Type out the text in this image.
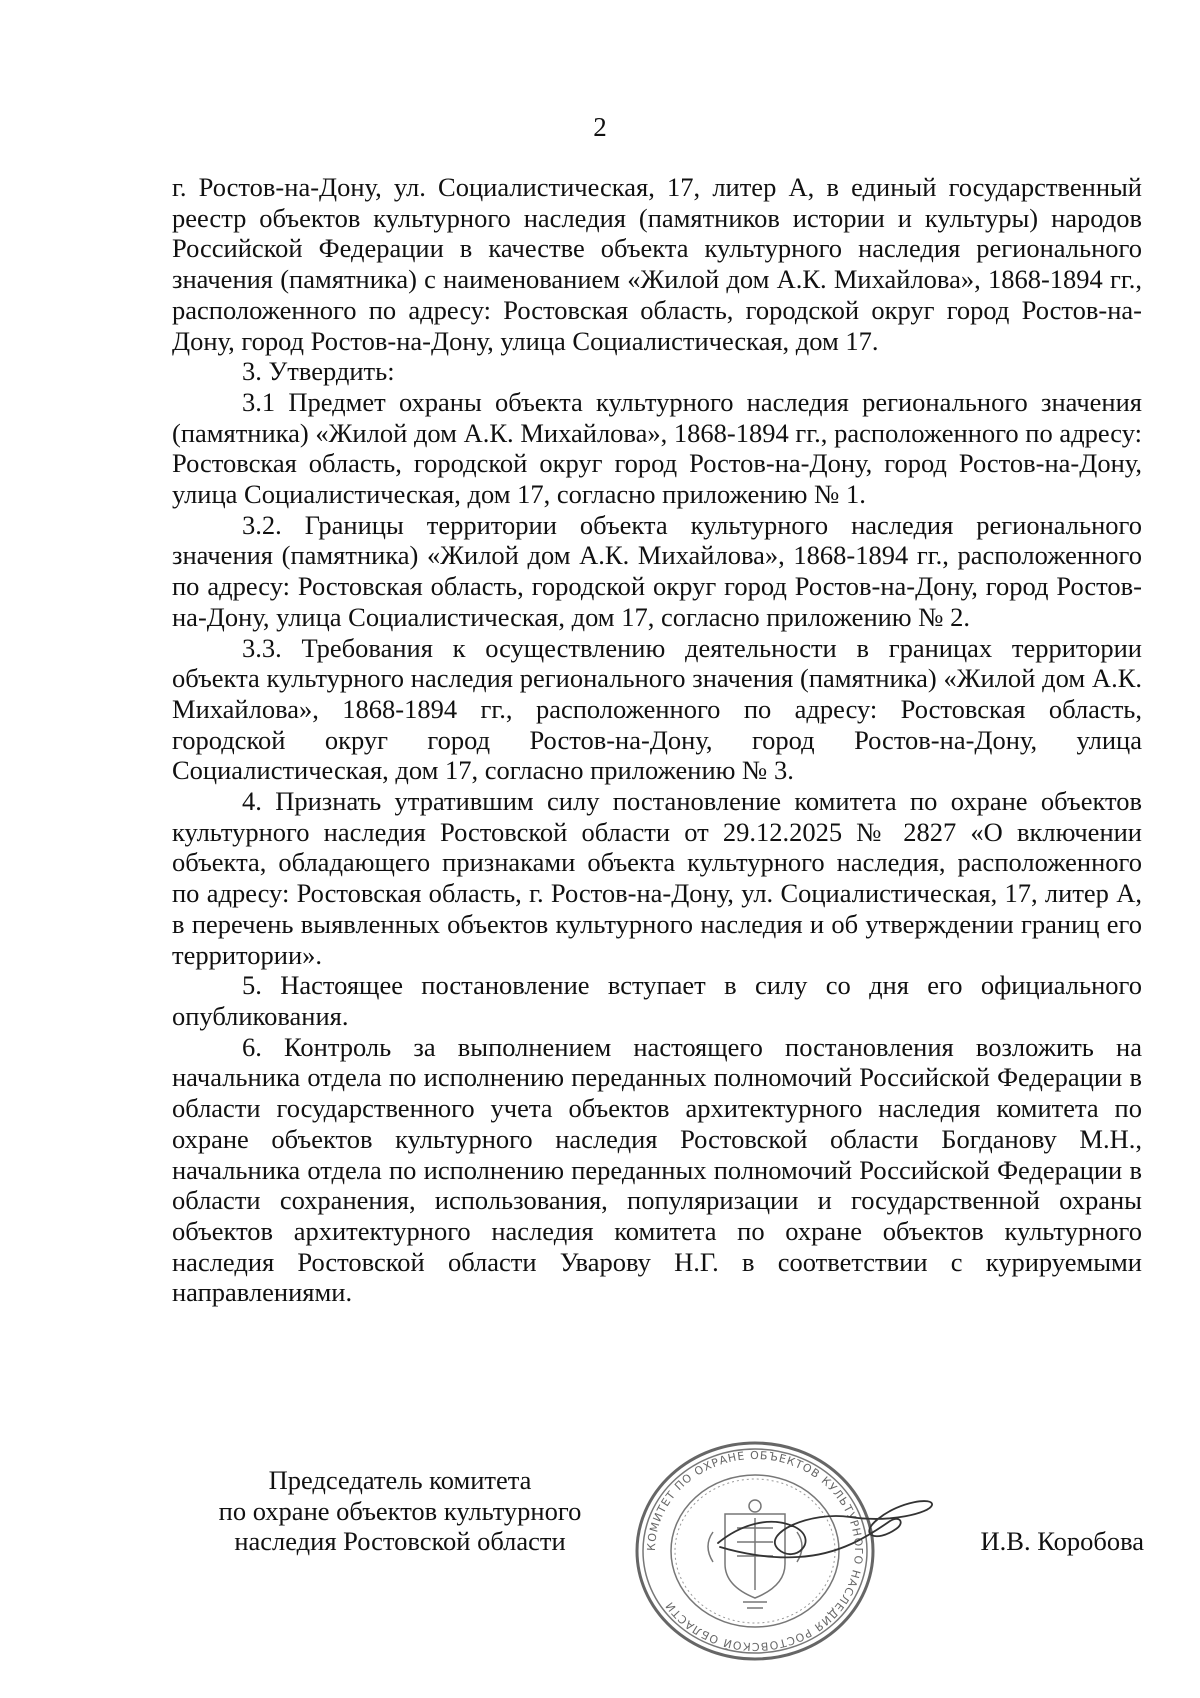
2

г. Ростов-на-Дону, ул. Социалистическая, 17, литер А, в единый государственный реестр объектов культурного наследия (памятников истории и культуры) народов Российской Федерации в качестве объекта культурного наследия регионального значения (памятника) с наименованием «Жилой дом А.К. Михайлова», 1868-1894 гг., расположенного по адресу: Ростовская область, городской округ город Ростов-на-Дону, город Ростов-на-Дону, улица Социалистическая, дом 17.

3. Утвердить:

3.1 Предмет охраны объекта культурного наследия регионального значения (памятника) «Жилой дом А.К. Михайлова», 1868-1894 гг., расположенного по адресу: Ростовская область, городской округ город Ростов-на-Дону, город Ростов-на-Дону, улица Социалистическая, дом 17, согласно приложению № 1.

3.2. Границы территории объекта культурного наследия регионального значения (памятника) «Жилой дом А.К. Михайлова», 1868-1894 гг., расположенного по адресу: Ростовская область, городской округ город Ростов-на-Дону, город Ростов-на-Дону, улица Социалистическая, дом 17, согласно приложению № 2.

3.3. Требования к осуществлению деятельности в границах территории объекта культурного наследия регионального значения (памятника) «Жилой дом А.К. Михайлова», 1868-1894 гг., расположенного по адресу: Ростовская область, городской округ город Ростов-на-Дону, город Ростов-на-Дону, улица Социалистическая, дом 17, согласно приложению № 3.

4. Признать утратившим силу постановление комитета по охране объектов культурного наследия Ростовской области от 29.12.2025 № 2827 «О включении объекта, обладающего признаками объекта культурного наследия, расположенного по адресу: Ростовская область, г. Ростов-на-Дону, ул. Социалистическая, 17, литер А, в перечень выявленных объектов культурного наследия и об утверждении границ его территории».

5. Настоящее постановление вступает в силу со дня его официального опубликования.

6. Контроль за выполнением настоящего постановления возложить на начальника отдела по исполнению переданных полномочий Российской Федерации в области государственного учета объектов архитектурного наследия комитета по охране объектов культурного наследия Ростовской области Богданову М.Н., начальника отдела по исполнению переданных полномочий Российской Федерации в области сохранения, использования, популяризации и государственной охраны объектов архитектурного наследия комитета по охране объектов культурного наследия Ростовской области Уварову Н.Г. в соответствии с курируемыми направлениями.

Председатель комитета
по охране объектов культурного
наследия Ростовской области	КОМИТЕТ ПО ОХРАНЕ ОБЪЕКТОВ КУЛЬТУРНОГО НАСЛЕДИЯ РОСТОВСКОЙ ОБЛАСТИ
И.В. Коробова
